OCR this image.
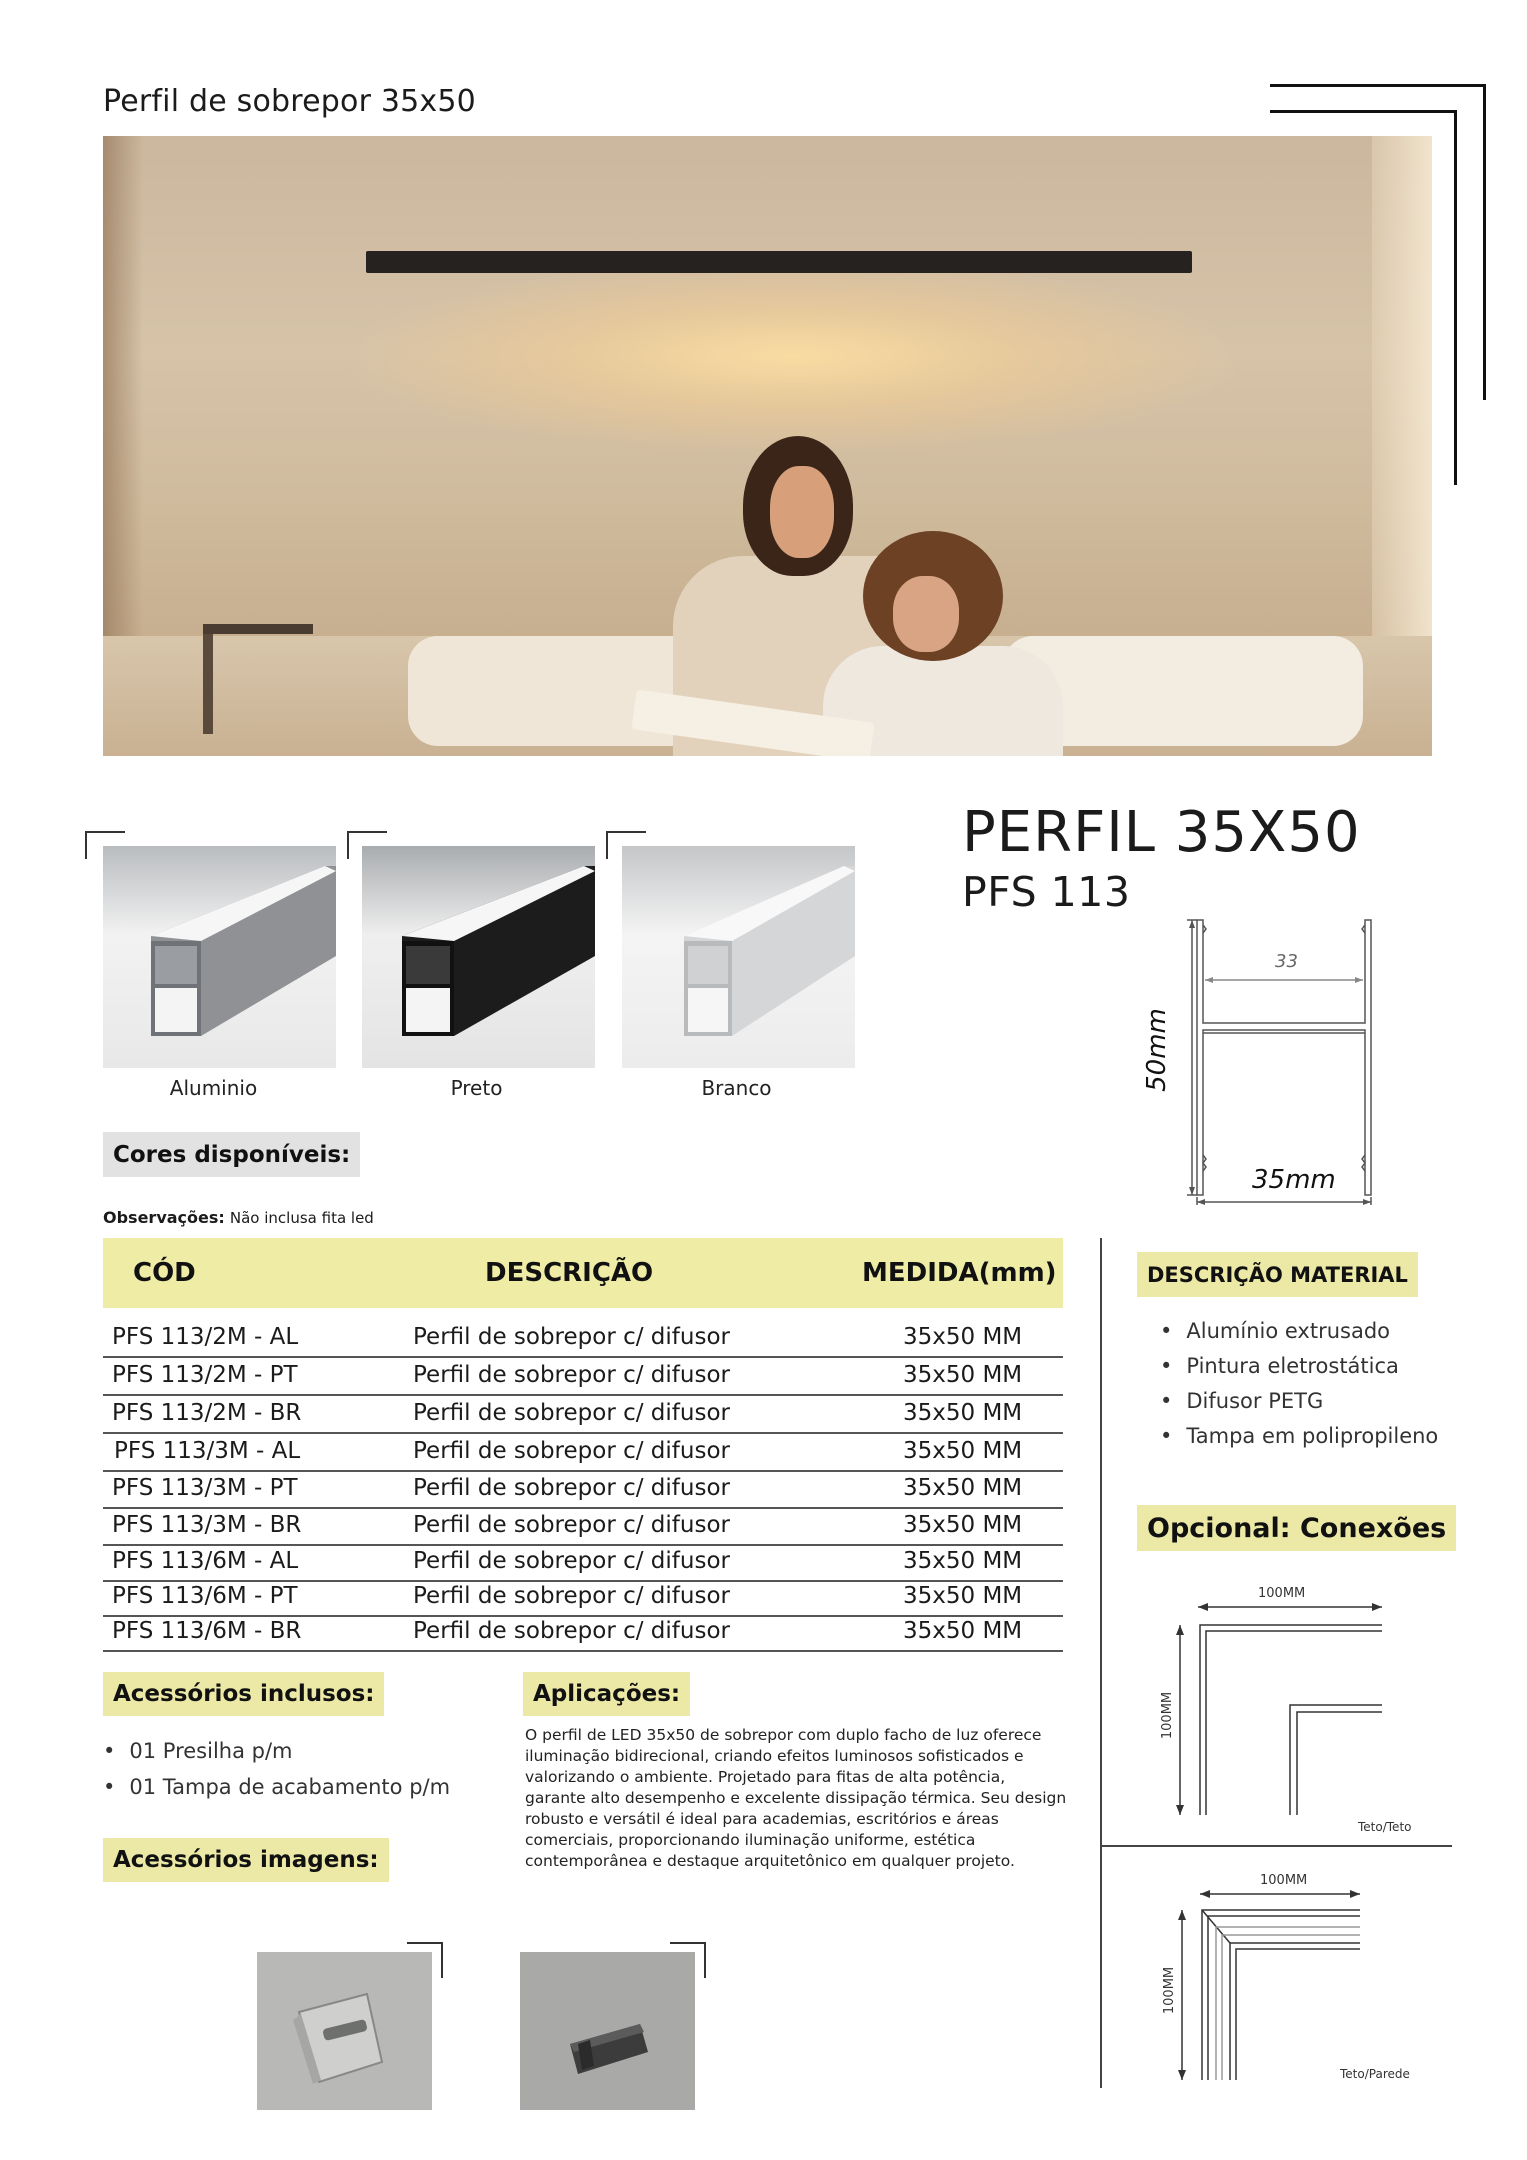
Perfil de sobrepor 35x50
PERFIL 35X50
PFS 113
Aluminio	Preto	Branco
33
50mm
35mm
Cores disponíveis:
Observações: Não inclusa fita led
CÓD	DESCRIÇÃO	MEDIDA(mm)
PFS 113/2M - AL	Perfil de sobrepor c/ difusor	35x50 MM
PFS 113/2M - PT	Perfil de sobrepor c/ difusor	35x50 MM
PFS 113/2M - BR	Perfil de sobrepor c/ difusor	35x50 MM
PFS 113/3M - AL	Perfil de sobrepor c/ difusor	35x50 MM
PFS 113/3M - PT	Perfil de sobrepor c/ difusor	35x50 MM
PFS 113/3M - BR	Perfil de sobrepor c/ difusor	35x50 MM
PFS 113/6M - AL	Perfil de sobrepor c/ difusor	35x50 MM
PFS 113/6M - PT	Perfil de sobrepor c/ difusor	35x50 MM
PFS 113/6M - BR	Perfil de sobrepor c/ difusor	35x50 MM
DESCRIÇÃO MATERIAL
• Alumínio extrusado
• Pintura eletrostática
• Difusor PETG
• Tampa em polipropileno
Opcional: Conexões
100MM
100MM
Teto/Teto
100MM
100MM
Teto/Parede
Acessórios inclusos:
• 01 Presilha p/m
• 01 Tampa de acabamento p/m
Acessórios imagens:
Aplicações:
O perfil de LED 35x50 de sobrepor com duplo facho de luz oferece iluminação bidirecional, criando efeitos luminosos sofisticados e valorizando o ambiente. Projetado para fitas de alta potência, garante alto desempenho e excelente dissipação térmica. Seu design robusto e versátil é ideal para academias, escritórios e áreas comerciais, proporcionando iluminação uniforme, estética contemporânea e destaque arquitetônico em qualquer projeto.
